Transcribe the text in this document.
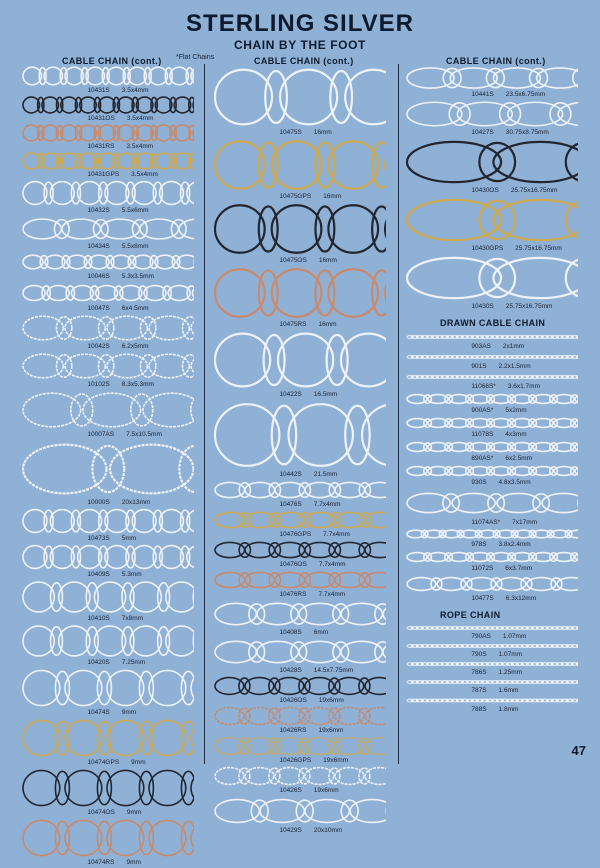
STERLING SILVER
CHAIN BY THE FOOT
CABLE CHAIN (cont.) *Flat Chains	CABLE CHAIN (cont.)	CABLE CHAIN (cont.)
10431S 3.5x4mm
10431OS 3.5x4mm
10431RS 3.5x4mm
10431GPS 3.5x4mm
10432S 5.5x6mm
10434S 5.5x8mm
10046S 5.3x3.5mm
10047S 6x4.5mm
10042S 6.2x5mm
10102S 8.3x5.3mm
10007AS 7.5x10.5mm
10000S 20x13mm
10473S 5mm
10409S 5.3mm
10410S 7x8mm
10420S 7.25mm
10474S 9mm
10474GPS 9mm
10474OS 9mm
10474RS 9mm
10475S 16mm
10475GPS 16mm
10475OS 16mm
10475RS 16mm
10422S 16.5mm
10442S 21.5mm
10476S 7.7x4mm
10476GPS 7.7x4mm
10476OS 7.7x4mm
10476RS 7.7x4mm
10408S 6mm
10428S 14.5x7.75mm
10426OS 19x6mm
10426RS 19x6mm
10426GPS 19x6mm
10426S 19x6mm
10429S 20x10mm
10441S 23.5x6.75mm
10427S 30.75x8.75mm
10430OS 25.75x16.75mm
10430GPS 25.75x16.75mm
10430S 25.75x16.75mm
DRAWN CABLE CHAIN
903AS 2x1mm
901S 2.2x1.5mm
11066S* 3.6x1.7mm
900AS* 5x2mm
11078S 4x3mm
890AS* 6x2.5mm
930S 4.8x3.5mm
11074AS* 7x17mm
978S 3.8x2.4mm
11072S 6x3.7mm
10477S 6.3x12mm
ROPE CHAIN
790AS 1.07mm
790S 1.07mm
786S 1.25mm
787S 1.6mm
788S 1.8mm
47
